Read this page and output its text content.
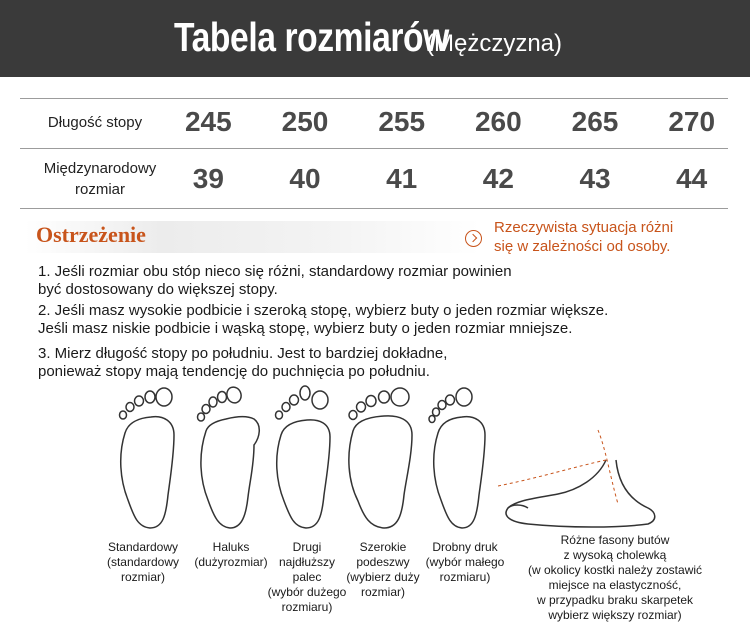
Tabela rozmiarów
(Mężczyzna)
Długość stopy	245	250	255	260	265	270
Międzynarodowy
rozmiar	39	40	41	42	43	44
Ostrzeżenie	Rzeczywista sytuacja różni
się w zależności od osoby.
1. Jeśli rozmiar obu stóp nieco się różni, standardowy rozmiar powinien
być dostosowany do większej stopy.
2. Jeśli masz wysokie podbicie i szeroką stopę, wybierz buty o jeden rozmiar większe.
Jeśli masz niskie podbicie i wąską stopę, wybierz buty o jeden rozmiar mniejsze.
3. Mierz długość stopy po południu. Jest to bardziej dokładne,
ponieważ stopy mają tendencję do puchnięcia po południu.
Standardowy
(standardowy
rozmiar)
Haluks
(dużyrozmiar)
Drugi
najdłuższy
palec
(wybór dużego
rozmiaru)
Szerokie
podeszwy
(wybierz duży
rozmiar)
Drobny druk
(wybór małego
rozmiaru)
Różne fasony butów
z wysoką cholewką
(w okolicy kostki należy zostawić
miejsce na elastyczność,
w przypadku braku skarpetek
wybierz większy rozmiar)
